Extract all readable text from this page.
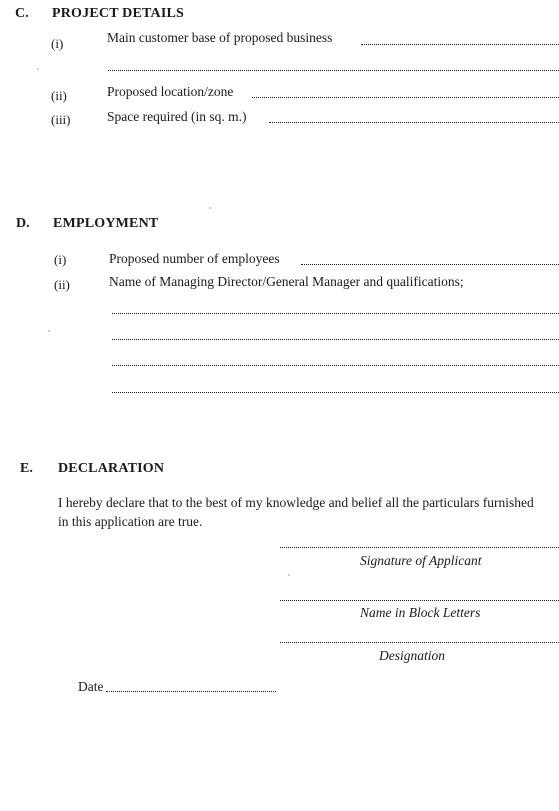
C. PROJECT DETAILS
(i)	Main customer base of proposed business
(ii)	Proposed location/zone
(iii)	Space required (in sq. m.)
D. EMPLOYMENT
(i)	Proposed number of employees
(ii)	Name of Managing Director/General Manager and qualifications;
E. DECLARATION
I hereby declare that to the best of my knowledge and belief all the particulars furnished in this application are true.
Signature of Applicant
Name in Block Letters
Designation
Date
